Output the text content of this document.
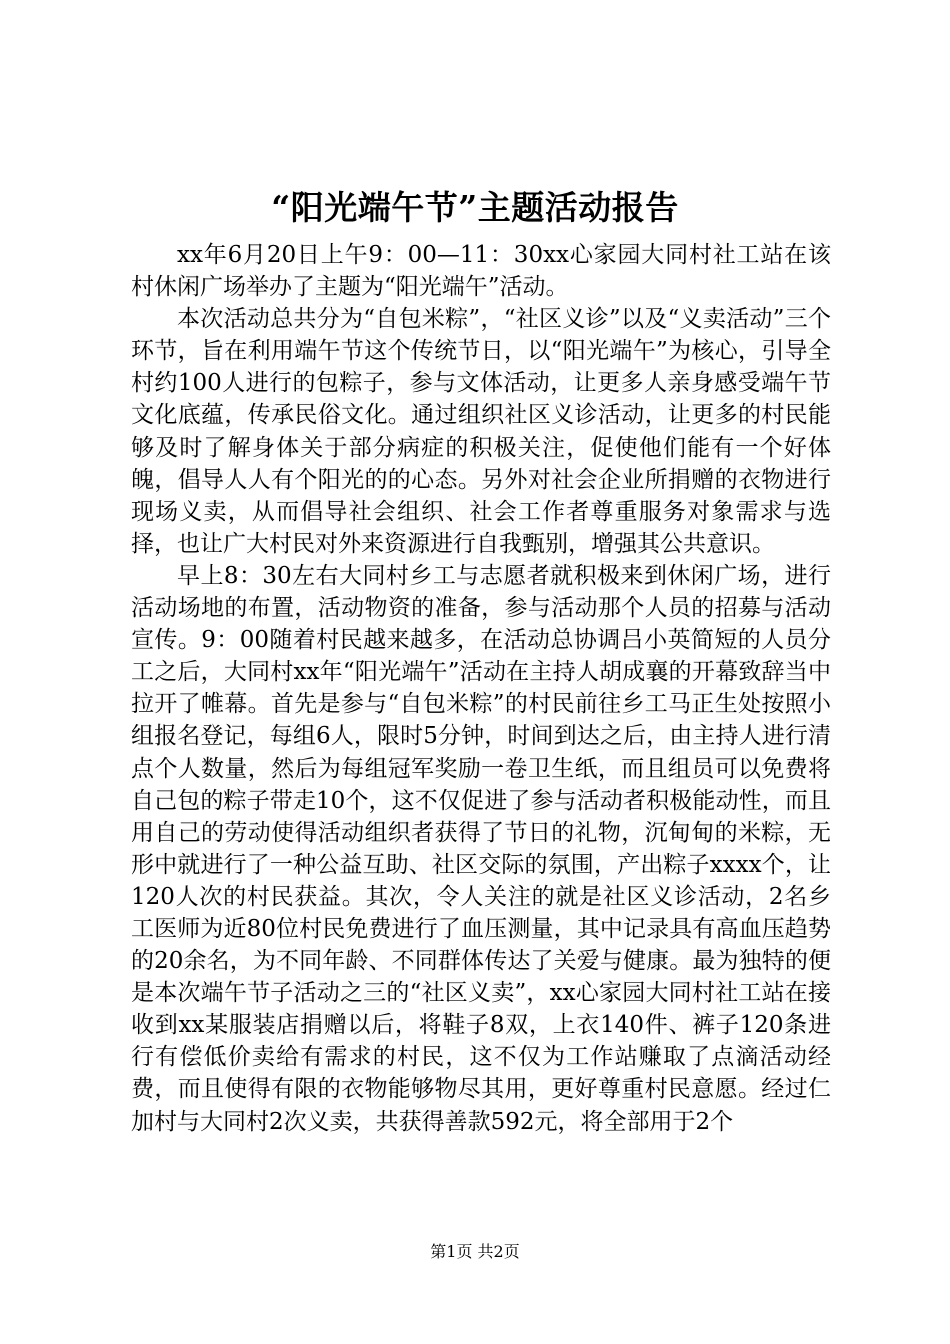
“阳光端午节”主题活动报告

xx年6月20日上午9：00—11：30xx心家园大同村社工站在该村休闲广场举办了主题为“阳光端午”活动。

本次活动总共分为“自包米粽”，“社区义诊”以及“义卖活动”三个环节，旨在利用端午节这个传统节日，以“阳光端午”为核心，引导全村约100人进行的包粽子，参与文体活动，让更多人亲身感受端午节文化底蕴，传承民俗文化。通过组织社区义诊活动，让更多的村民能够及时了解身体关于部分病症的积极关注，促使他们能有一个好体魄，倡导人人有个阳光的的心态。另外对社会企业所捐赠的衣物进行现场义卖，从而倡导社会组织、社会工作者尊重服务对象需求与选择，也让广大村民对外来资源进行自我甄别，增强其公共意识。

早上8：30左右大同村乡工与志愿者就积极来到休闲广场，进行活动场地的布置，活动物资的准备，参与活动那个人员的招募与活动宣传。9：00随着村民越来越多，在活动总协调吕小英简短的人员分工之后，大同村xx年“阳光端午”活动在主持人胡成襄的开幕致辞当中拉开了帷幕。首先是参与“自包米粽”的村民前往乡工马正生处按照小组报名登记，每组6人，限时5分钟，时间到达之后，由主持人进行清点个人数量，然后为每组冠军奖励一卷卫生纸，而且组员可以免费将自己包的粽子带走10个，这不仅促进了参与活动者积极能动性，而且用自己的劳动使得活动组织者获得了节日的礼物，沉甸甸的米粽，无形中就进行了一种公益互助、社区交际的氛围，产出粽子xxxx个，让120人次的村民获益。其次，令人关注的就是社区义诊活动，2名乡工医师为近80位村民免费进行了血压测量，其中记录具有高血压趋势的20余名，为不同年龄、不同群体传达了关爱与健康。最为独特的便是本次端午节子活动之三的“社区义卖”，xx心家园大同村社工站在接收到xx某服装店捐赠以后，将鞋子8双，上衣140件、裤子120条进行有偿低价卖给有需求的村民，这不仅为工作站赚取了点滴活动经费，而且使得有限的衣物能够物尽其用，更好尊重村民意愿。经过仁加村与大同村2次义卖，共获得善款592元，将全部用于2个

第1页 共2页
